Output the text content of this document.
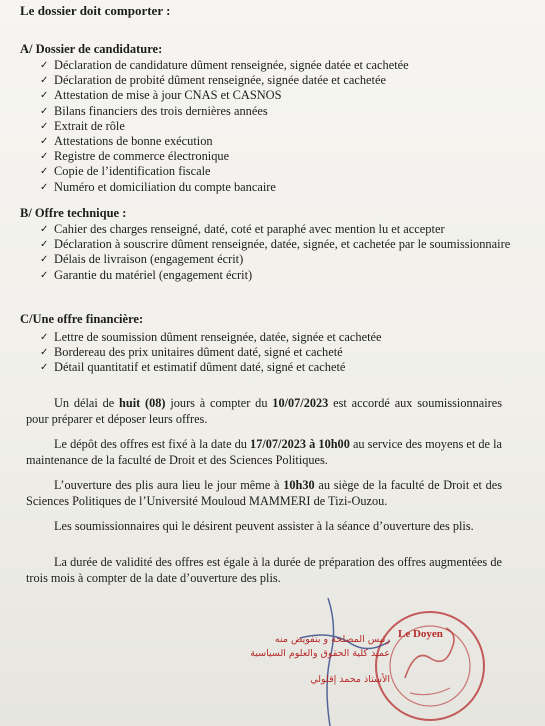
Le dossier doit comporter :
A/ Dossier de candidature:
✓ Déclaration de candidature dûment renseignée, signée datée et cachetée
✓ Déclaration de probité dûment renseignée, signée datée et cachetée
✓ Attestation de mise à jour CNAS et CASNOS
✓ Bilans financiers des trois dernières années
✓ Extrait de rôle
✓ Attestations de bonne exécution
✓ Registre de commerce électronique
✓ Copie de l’identification fiscale
✓ Numéro et domiciliation du compte bancaire
B/ Offre technique :
✓ Cahier des charges renseigné, daté, coté et paraphé avec mention lu et accepter
✓ Déclaration à souscrire dûment renseignée, datée, signée, et cachetée par le soumissionnaire
✓ Délais de livraison (engagement écrit)
✓ Garantie du matériel (engagement écrit)
C/Une offre financière:
✓ Lettre de soumission dûment renseignée, datée, signée et cachetée
✓ Bordereau des prix unitaires dûment daté, signé et cacheté
✓ Détail quantitatif et estimatif dûment daté, signé et cacheté
Un délai de huit (08) jours à compter du 10/07/2023 est accordé aux soumissionnaires pour préparer et déposer leurs offres.
Le dépôt des offres est fixé à la date du 17/07/2023 à 10h00 au service des moyens et de la maintenance de la faculté de Droit et des Sciences Politiques.
L’ouverture des plis aura lieu le jour même à 10h30 au siège de la faculté de Droit et des Sciences Politiques de l’Université Mouloud MAMMERI de Tizi-Ouzou.
Les soumissionnaires qui le désirent peuvent assister à la séance d’ouverture des plis.
La durée de validité des offres est égale à la durée de préparation des offres augmentées de trois mois à compter de la date d’ouverture des plis.
Le Doyen
رئيس المصلحة و بتفويض منه
عميد كلية الحقوق والعلوم السياسية
الأستاذ محمد إقلولي
